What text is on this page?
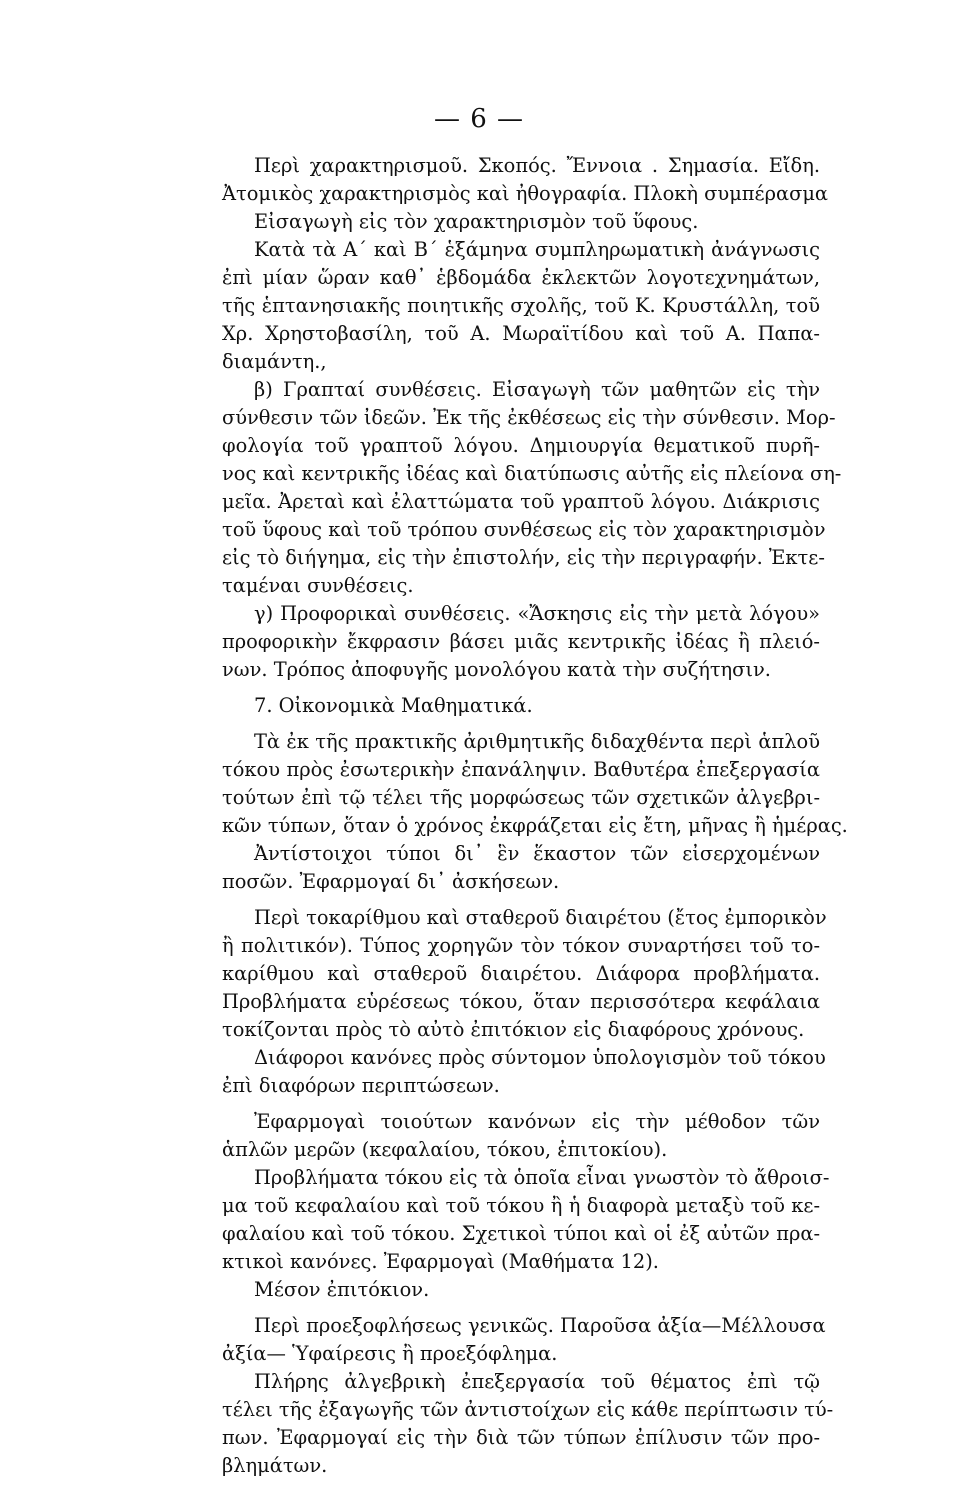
— 6 —
Περὶ χαρακτηρισμοῦ. Σκοπός. Ἔννοια . Σημασία. Εἴδη.
Ἀτομικὸς χαρακτηρισμὸς καὶ ἠθογραφία. Πλοκὴ συμπέρασμα
Εἰσαγωγὴ εἰς τὸν χαρακτηρισμὸν τοῦ ὕφους.
Κατὰ τὰ Α΄ καὶ Β΄ ἑξάμηνα συμπληρωματικὴ ἀνάγνωσις
ἐπὶ μίαν ὥραν καθ᾽ ἑβδομάδα ἐκλεκτῶν λογοτεχνημάτων,
τῆς ἑπτανησιακῆς ποιητικῆς σχολῆς, τοῦ Κ. Κρυστάλλη, τοῦ
Χρ. Χρηστοβασίλη, τοῦ Α. Μωραϊτίδου καὶ τοῦ Α. Παπα-
διαμάντη.,
β) Γραπταί συνθέσεις. Εἰσαγωγὴ τῶν μαθητῶν εἰς τὴν
σύνθεσιν τῶν ἰδεῶν. Ἐκ τῆς ἐκθέσεως εἰς τὴν σύνθεσιν. Μορ-
φολογία τοῦ γραπτοῦ λόγου. Δημιουργία θεματικοῦ πυρῆ-
νος καὶ κεντρικῆς ἰδέας καὶ διατύπωσις αὐτῆς εἰς πλείονα ση-
μεῖα. Ἀρεταὶ καὶ ἐλαττώματα τοῦ γραπτοῦ λόγου. Διάκρισις
τοῦ ὕφους καὶ τοῦ τρόπου συνθέσεως εἰς τὸν χαρακτηρισμὸν
εἰς τὸ διήγημα, εἰς τὴν ἐπιστολήν, εἰς τὴν περιγραφήν. Ἐκτε-
ταμέναι συνθέσεις.
γ) Προφορικαὶ συνθέσεις. «Ἄσκησις εἰς τὴν μετὰ λόγου»
προφορικὴν ἔκφρασιν βάσει μιᾶς κεντρικῆς ἰδέας ἢ πλειό-
νων. Τρόπος ἀποφυγῆς μονολόγου κατὰ τὴν συζήτησιν.
7. Οἰκονομικὰ Μαθηματικά.
Τὰ ἐκ τῆς πρακτικῆς ἀριθμητικῆς διδαχθέντα περὶ ἁπλοῦ
τόκου πρὸς ἐσωτερικὴν ἐπανάληψιν. Βαθυτέρα ἐπεξεργασία
τούτων ἐπὶ τῷ τέλει τῆς μορφώσεως τῶν σχετικῶν ἀλγεβρι-
κῶν τύπων, ὅταν ὁ χρόνος ἐκφράζεται εἰς ἔτη, μῆνας ἢ ἡμέρας.
Ἀντίστοιχοι τύποι δι᾽ ἓν ἕκαστον τῶν εἰσερχομένων
ποσῶν. Ἐφαρμογαί δι᾽ ἀσκήσεων.
Περὶ τοκαρίθμου καὶ σταθεροῦ διαιρέτου (ἔτος ἐμπορικὸν
ἢ πολιτικόν). Τύπος χορηγῶν τὸν τόκον συναρτήσει τοῦ το-
καρίθμου καὶ σταθεροῦ διαιρέτου. Διάφορα προβλήματα.
Προβλήματα εὑρέσεως τόκου, ὅταν περισσότερα κεφάλαια
τοκίζονται πρὸς τὸ αὐτὸ ἐπιτόκιον εἰς διαφόρους χρόνους.
Διάφοροι κανόνες πρὸς σύντομον ὑπολογισμὸν τοῦ τόκου
ἐπὶ διαφόρων περιπτώσεων.
Ἐφαρμογαὶ τοιούτων κανόνων εἰς τὴν μέθοδον τῶν
ἁπλῶν μερῶν (κεφαλαίου, τόκου, ἐπιτοκίου).
Προβλήματα τόκου εἰς τὰ ὁποῖα εἶναι γνωστὸν τὸ ἄθροισ-
μα τοῦ κεφαλαίου καὶ τοῦ τόκου ἢ ἡ διαφορὰ μεταξὺ τοῦ κε-
φαλαίου καὶ τοῦ τόκου. Σχετικοὶ τύποι καὶ οἱ ἐξ αὐτῶν πρα-
κτικοὶ κανόνες. Ἐφαρμογαὶ (Μαθήματα 12).
Μέσον ἐπιτόκιον.
Περὶ προεξοφλήσεως γενικῶς. Παροῦσα ἀξία—Μέλλουσα
ἀξία— Ὑφαίρεσις ἢ προεξόφλημα.
Πλήρης ἀλγεβρικὴ ἐπεξεργασία τοῦ θέματος ἐπὶ τῷ
τέλει τῆς ἐξαγωγῆς τῶν ἀντιστοίχων εἰς κάθε περίπτωσιν τύ-
πων. Ἐφαρμογαί εἰς τὴν διὰ τῶν τύπων ἐπίλυσιν τῶν προ-
βλημάτων.
